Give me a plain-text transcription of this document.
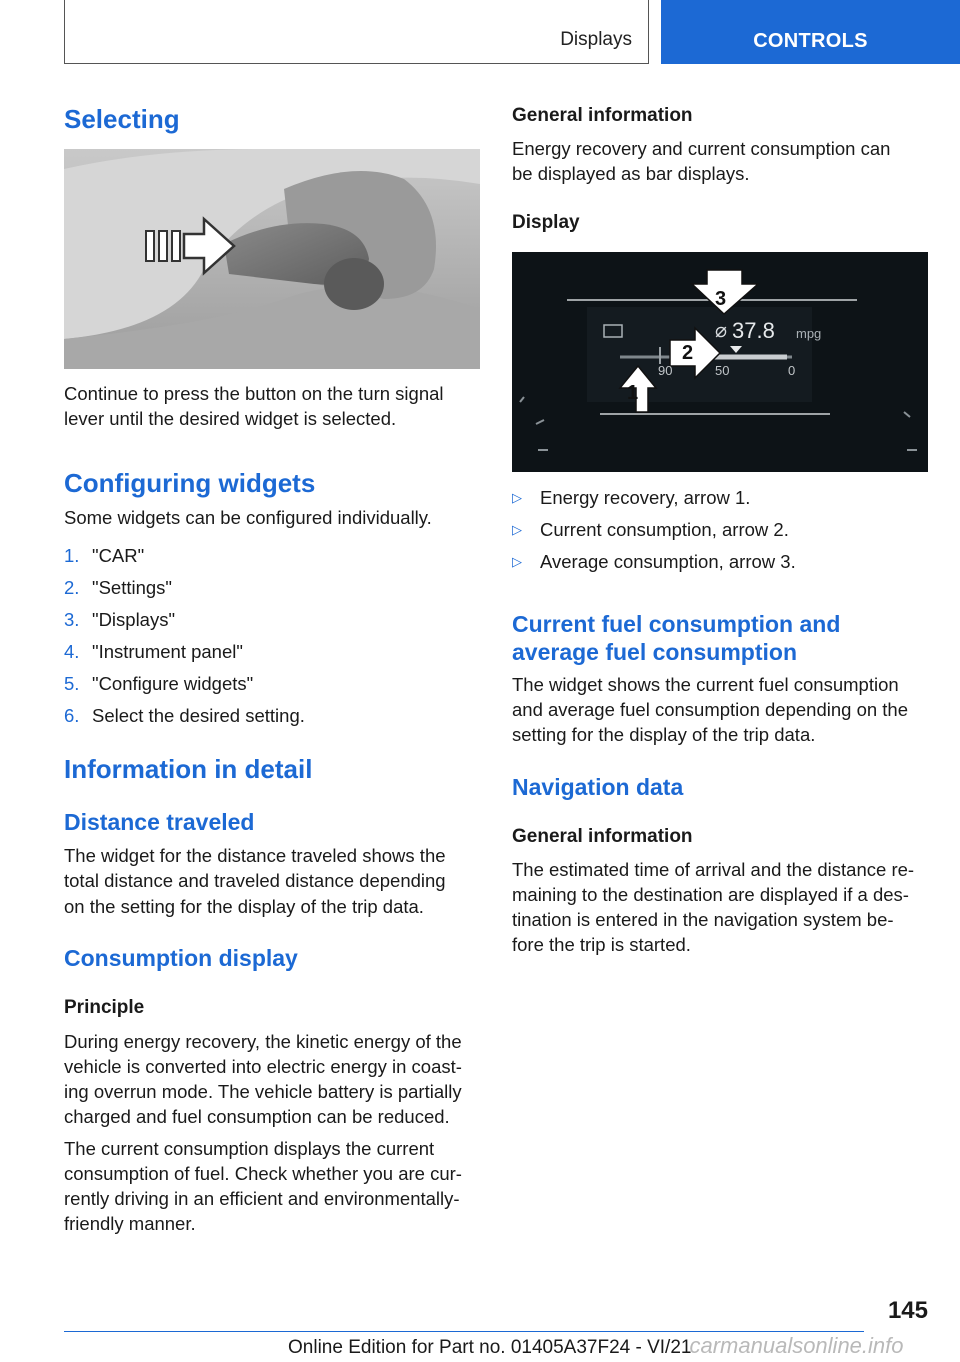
Displays	CONTROLS
Selecting
Continue to press the button on the turn signal
lever until the desired widget is selected.
Configuring widgets
Some widgets can be configured individually.
1. "CAR"
2. "Settings"
3. "Displays"
4. "Instrument panel"
5. "Configure widgets"
6. Select the desired setting.
Information in detail
Distance traveled
The widget for the distance traveled shows the
total distance and traveled distance depending
on the setting for the display of the trip data.
Consumption display
Principle
During energy recovery, the kinetic energy of the
vehicle is converted into electric energy in coast-
ing overrun mode. The vehicle battery is partially
charged and fuel consumption can be reduced.
The current consumption displays the current
consumption of fuel. Check whether you are cur-
rently driving in an efficient and environmentally-
friendly manner.
General information
Energy recovery and current consumption can
be displayed as bar displays.
Display
3
2
1
⌀ 37.8 mpg
90	50	0
▷ Energy recovery, arrow 1.
▷ Current consumption, arrow 2.
▷ Average consumption, arrow 3.
Current fuel consumption and
average fuel consumption
The widget shows the current fuel consumption
and average fuel consumption depending on the
setting for the display of the trip data.
Navigation data
General information
The estimated time of arrival and the distance re-
maining to the destination are displayed if a des-
tination is entered in the navigation system be-
fore the trip is started.
145
Online Edition for Part no. 01405A37F24 - VI/21carmanualsonline.info
